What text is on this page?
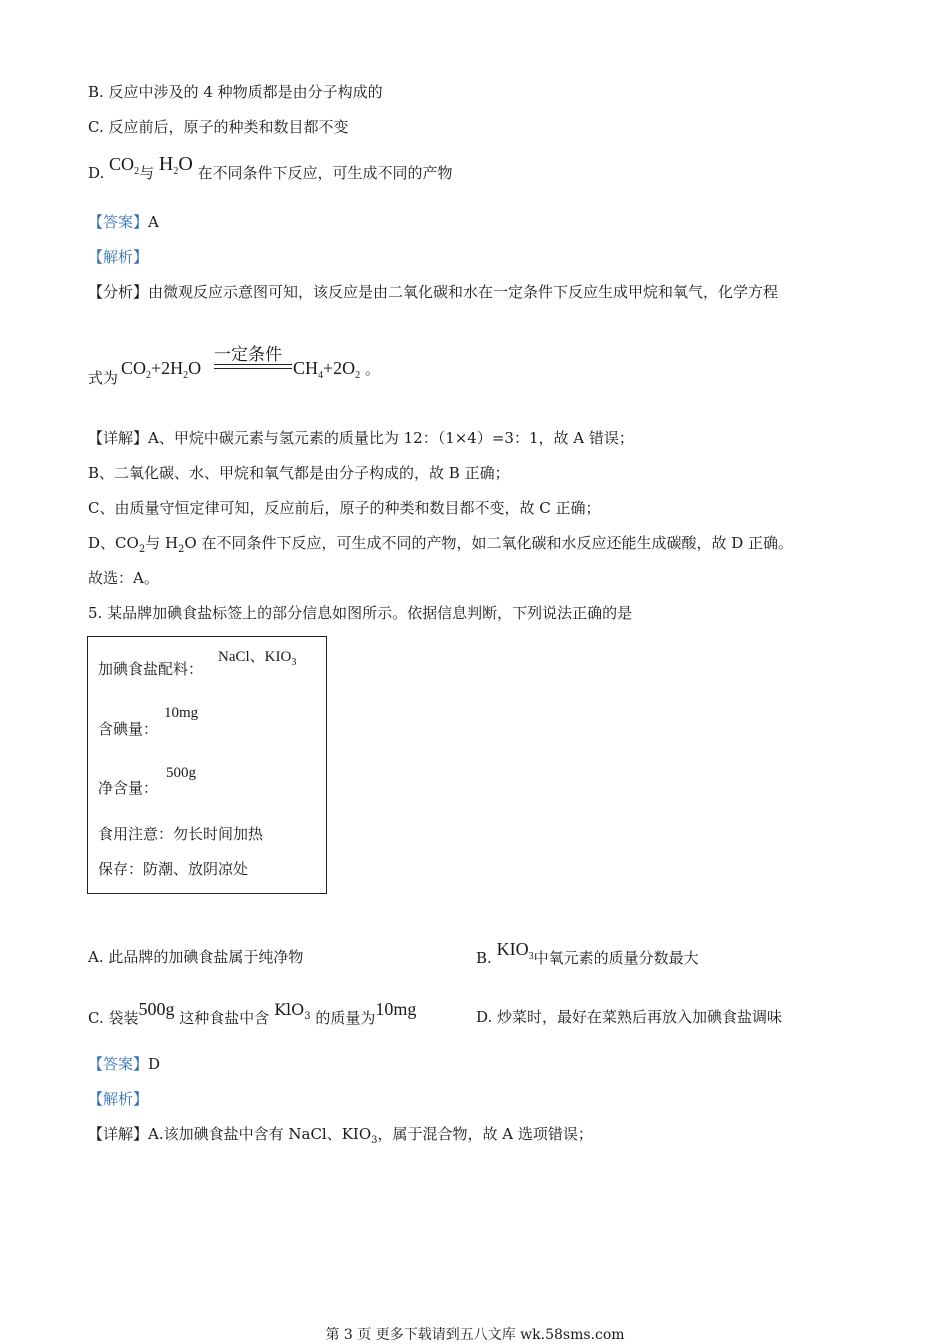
B. 反应中涉及的 4 种物质都是由分子构成的
C. 反应前后，原子的种类和数目都不变
D. $CO_2$与 $H_2O$ 在不同条件下反应，可生成不同的产物
【答案】A
【解析】
【分析】由微观反应示意图可知，该反应是由二氧化碳和水在一定条件下反应生成甲烷和氧气，化学方程
式为 $CO_2+2H_2O$
一定条件
$CH_4+2O_2$ 。
【详解】A、甲烷中碳元素与氢元素的质量比为 12：（1×4）=3：1，故 A 错误；
B、二氧化碳、水、甲烷和氧气都是由分子构成的，故 B 正确；
C、由质量守恒定律可知，反应前后，原子的种类和数目都不变，故 C 正确；
D、$CO_2$与 $H_2O$ 在不同条件下反应，可生成不同的产物，如二氧化碳和水反应还能生成碳酸，故 D 正确。
故选：A。
5. 某品牌加碘食盐标签上的部分信息如图所示。依据信息判断，下列说法正确的是
加碘食盐配料：
NaCl、$KIO_3$
含碘量：
10mg
净含量：
500g
食用注意：勿长时间加热
保存：防潮、放阴凉处
A. 此品牌的加碘食盐属于纯净物	B. $KIO_3$中氧元素的质量分数最大
C. 袋装500g 这种食盐中含 KlO$_3$ 的质量为10mg	D. 炒菜时，最好在菜熟后再放入加碘食盐调味
【答案】D
【解析】
【详解】A.该加碘食盐中含有 NaCl、$KIO_3$，属于混合物，故 A 选项错误；
第 3 页 更多下载请到五八文库 wk.58sms.com
